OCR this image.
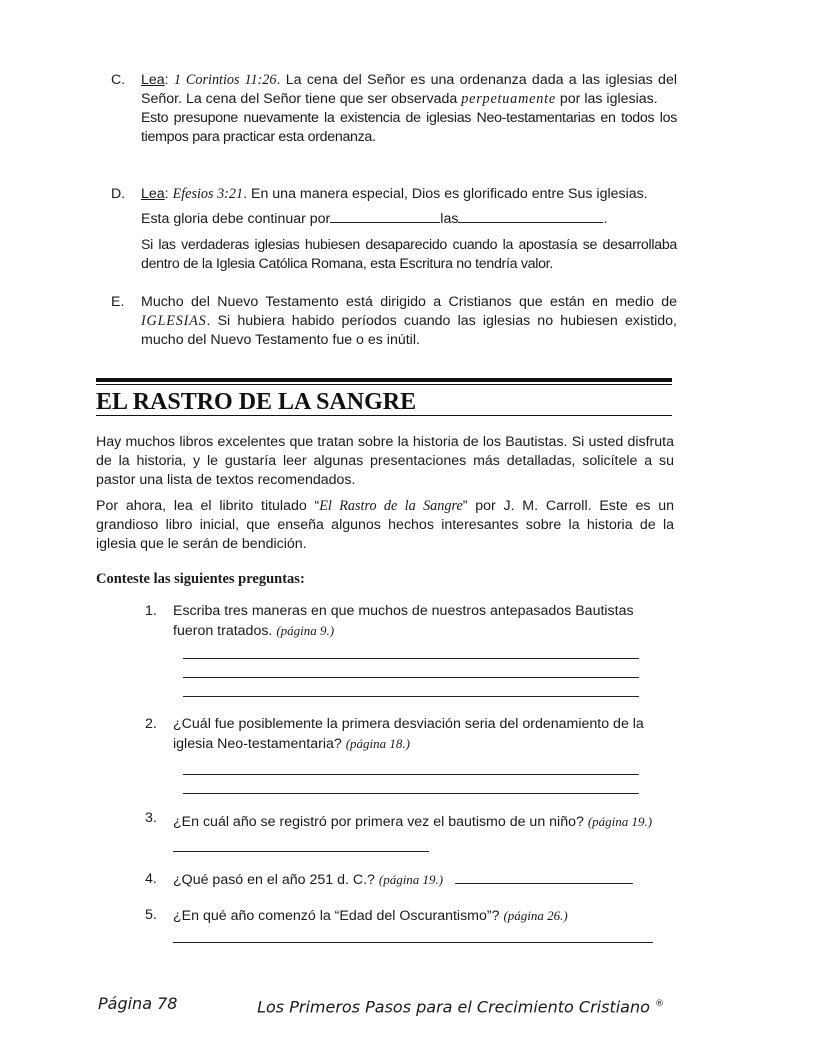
C. Lea: 1 Corintios 11:26. La cena del Señor es una ordenanza dada a las iglesias del Señor. La cena del Señor tiene que ser observada perpetuamente por las iglesias.

Esto presupone nuevamente la existencia de iglesias Neo-testamentarias en todos los tiempos para practicar esta ordenanza.

D. Lea: Efesios 3:21. En una manera especial, Dios es glorificado entre Sus iglesias.

Esta gloria debe continuar por	las	.

Si las verdaderas iglesias hubiesen desaparecido cuando la apostasía se desarrollaba dentro de la Iglesia Católica Romana, esta Escritura no tendría valor.

E. Mucho del Nuevo Testamento está dirigido a Cristianos que están en medio de IGLESIAS. Si hubiera habido períodos cuando las iglesias no hubiesen existido, mucho del Nuevo Testamento fue o es inútil.

EL RASTRO DE LA SANGRE

Hay muchos libros excelentes que tratan sobre la historia de los Bautistas. Si usted disfruta de la historia, y le gustaría leer algunas presentaciones más detalladas, solicítele a su pastor una lista de textos recomendados.

Por ahora, lea el librito titulado “El Rastro de la Sangre” por J. M. Carroll. Este es un grandioso libro inicial, que enseña algunos hechos interesantes sobre la historia de la iglesia que le serán de bendición.

Conteste las siguientes preguntas:

1. Escriba tres maneras en que muchos de nuestros antepasados Bautistas fueron tratados. (página 9.)

2. ¿Cuál fue posiblemente la primera desviación seria del ordenamiento de la iglesia Neo-testamentaria? (página 18.)

3. ¿En cuál año se registró por primera vez el bautismo de un niño? (página 19.)

4. ¿Qué pasó en el año 251 d. C.? (página 19.)

5. ¿En qué año comenzó la “Edad del Oscurantismo”? (página 26.)

Página 78	Los Primeros Pasos para el Crecimiento Cristiano ®
